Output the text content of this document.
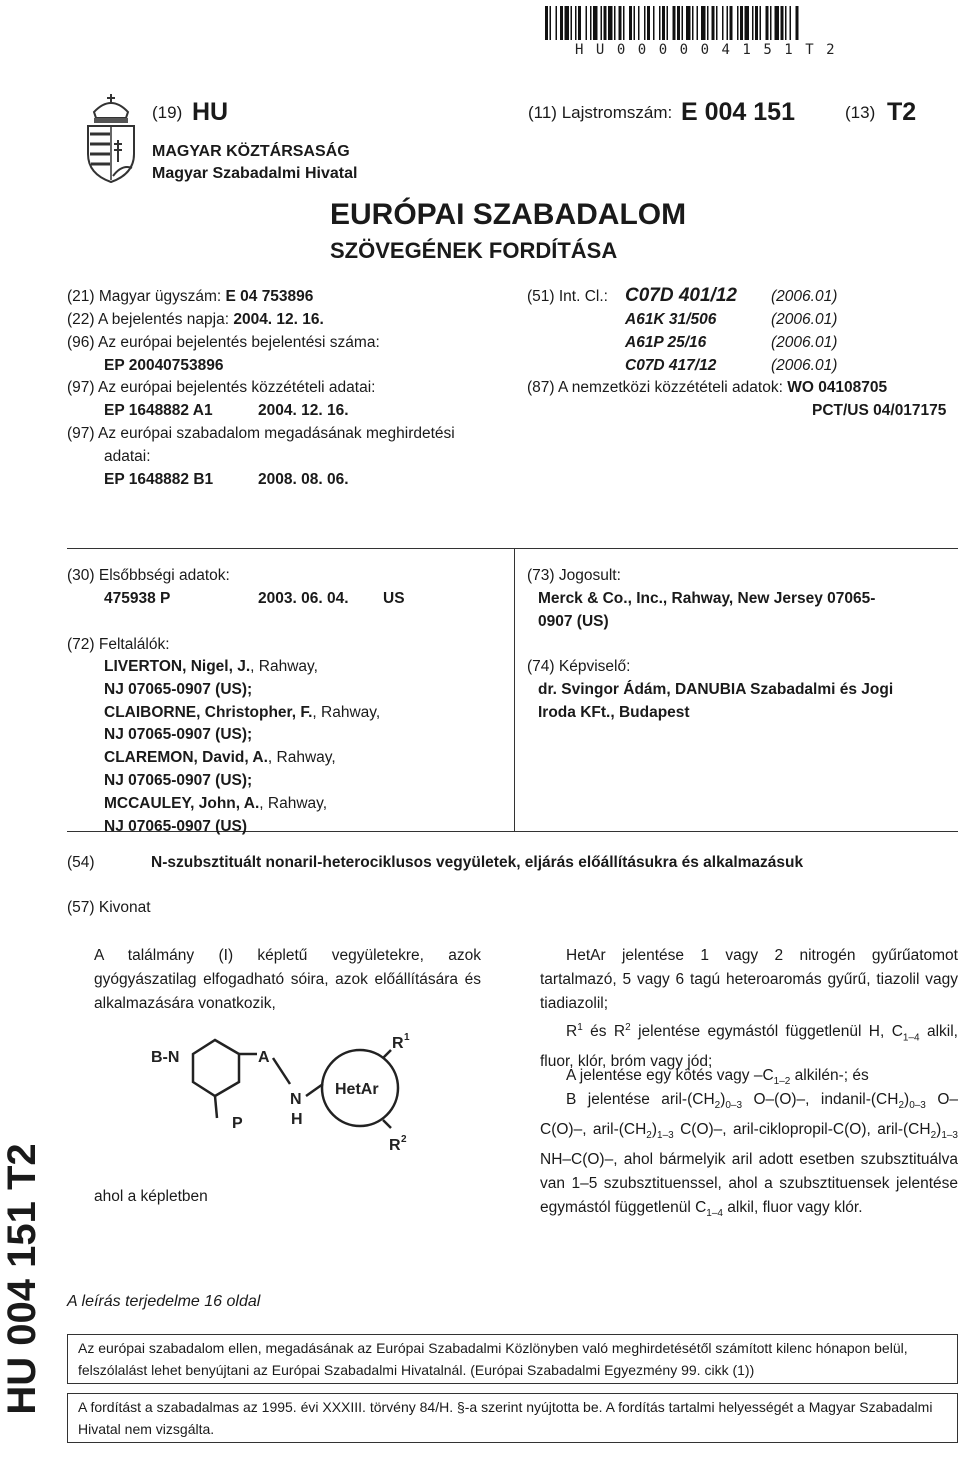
HU000004151T2
(19) HU	(11) Lajstromszám: E 004 151	(13) T2
MAGYAR KÖZTÁRSASÁG
Magyar Szabadalmi Hivatal
EURÓPAI SZABADALOM
SZÖVEGÉNEK FORDÍTÁSA
(21) Magyar ügyszám: E 04 753896
(22) A bejelentés napja: 2004. 12. 16.
(96) Az európai bejelentés bejelentési száma:
EP 20040753896
(97) Az európai bejelentés közzétételi adatai:
EP 1648882 A1	2004. 12. 16.
(97) Az európai szabadalom megadásának meghirdetési
adatai:
EP 1648882 B1	2008. 08. 06.
(51) Int. Cl.: C07D 401/12 (2006.01)
A61K 31/506	(2006.01)
A61P 25/16	(2006.01)
C07D 417/12	(2006.01)
(87) A nemzetközi közzétételi adatok: WO 04108705
PCT/US 04/017175
(30) Elsőbbségi adatok:
475938 P	2003. 06. 04. US
(72) Feltalálók:
LIVERTON, Nigel, J., Rahway,
NJ 07065-0907 (US);
CLAIBORNE, Christopher, F., Rahway,
NJ 07065-0907 (US);
CLAREMON, David, A., Rahway,
NJ 07065-0907 (US);
MCCAULEY, John, A., Rahway,
NJ 07065-0907 (US)
(73) Jogosult:
Merck & Co., Inc., Rahway, New Jersey 07065-
0907 (US)
(74) Képviselő:
dr. Svingor Ádám, DANUBIA Szabadalmi és Jogi
Iroda KFt., Budapest
(54)	N-szubsztituált nonaril-heterociklusos vegyületek, eljárás előállításukra és alkalmazásuk
(57) Kivonat
A találmány (I) képletű vegyületekre, azok gyógyászatilag elfogadható sóira, azok előállítására és alkalmazására vonatkozik,
B-N	A
N
H
P
HetAr
R 1
R 2
ahol a képletben
HetAr jelentése 1 vagy 2 nitrogén gyűrűatomot tartalmazó, 5 vagy 6 tagú heteroaromás gyűrű, tiazolil vagy tiadiazolil;
$R^1$ és $R^2$ jelentése egymástól függetlenül H, $C_{1-4}$ alkil, fluor, klór, bróm vagy jód;
A jelentése egy kötés vagy $-C_{1-2}$ alkilén-; és
B jelentése aril-$(CH_2)_{0-3}$ O–(O)–, indanil-$(CH_2)_{0-3}$ O–C(O)–, aril-$(CH_2)_{1-3}$ C(O)–, aril-ciklopropil-C(O), aril-$(CH_2)_{1-3}$ NH–C(O)–, ahol bármelyik aril adott esetben szubsztituálva van 1–5 szubsztituenssel, ahol a szubsztituensek jelentése egymástól függetlenül $C_{1-4}$ alkil, fluor vagy klór.
A leírás terjedelme 16 oldal
HU 004 151 T2	Az európai szabadalom ellen, megadásának az Európai Szabadalmi Közlönyben való meghirdetésétől számított kilenc hónapon belül, felszólalást lehet benyújtani az Európai Szabadalmi Hivatalnál. (Európai Szabadalmi Egyezmény 99. cikk (1))
A fordítást a szabadalmas az 1995. évi XXXIII. törvény 84/H. §-a szerint nyújtotta be. A fordítás tartalmi helyességét a Magyar Szabadalmi Hivatal nem vizsgálta.
